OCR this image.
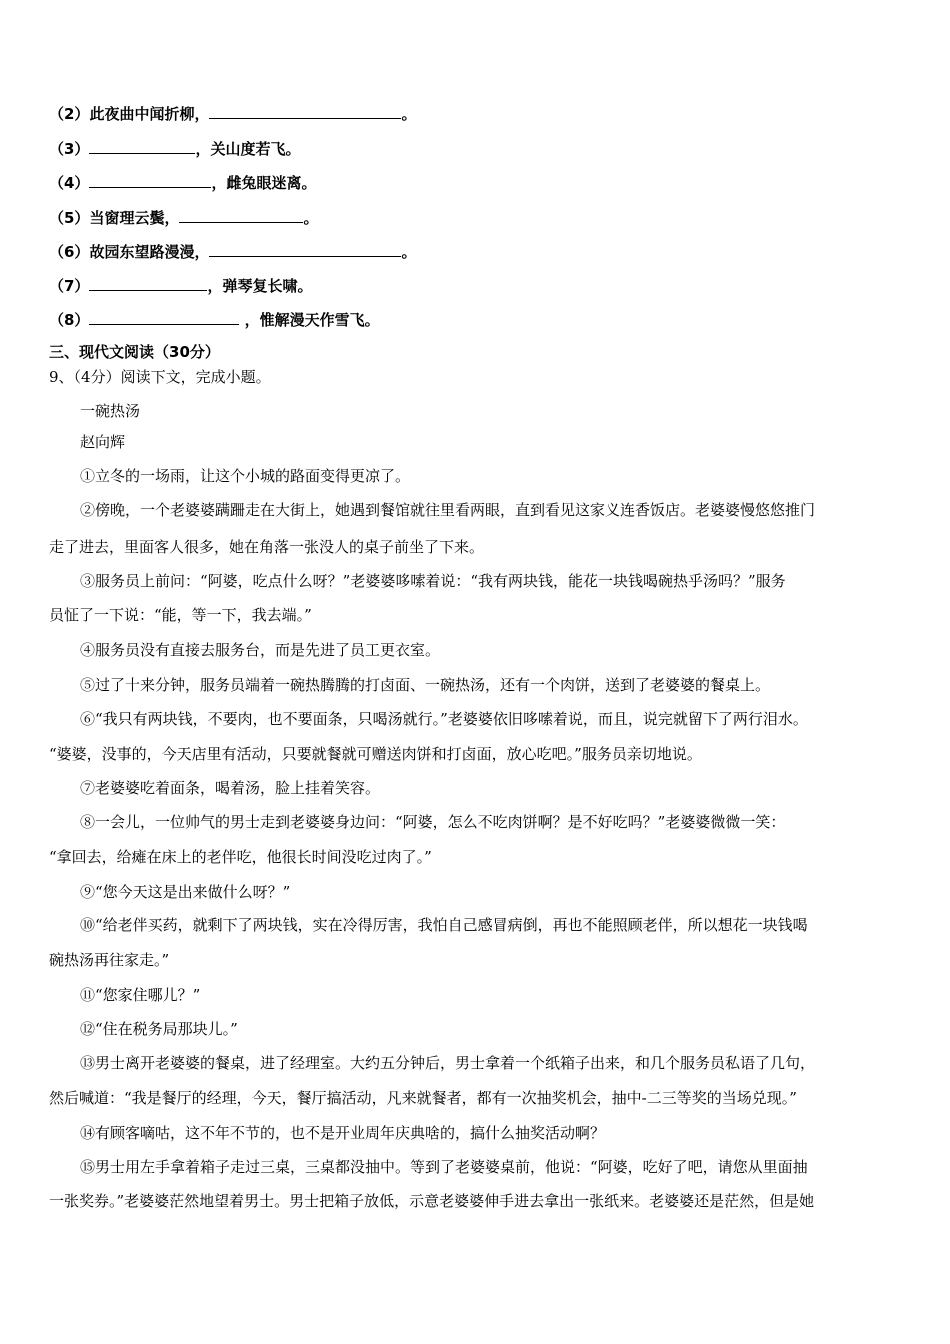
（2）此夜曲中闻折柳，	。
（3）	，关山度若飞。
（4）	，雌兔眼迷离。
（5）当窗理云鬓，	。
（6）故园东望路漫漫，	。
（7）	，弹琴复长啸。
（8）	，惟解漫天作雪飞。
三、现代文阅读（30分）
9、（4分）阅读下文，完成小题。
一碗热汤
赵向辉
①立冬的一场雨，让这个小城的路面变得更凉了。
②傍晚，一个老婆婆蹒跚走在大街上，她遇到餐馆就往里看两眼，直到看见这家义连香饭店。老婆婆慢悠悠推门
走了进去，里面客人很多，她在角落一张没人的桌子前坐了下来。
③服务员上前问：“阿婆，吃点什么呀？”老婆婆哆嗦着说：“我有两块钱，能花一块钱喝碗热乎汤吗？”服务
员怔了一下说：“能，等一下，我去端。”
④服务员没有直接去服务台，而是先进了员工更衣室。
⑤过了十来分钟，服务员端着一碗热腾腾的打卤面、一碗热汤，还有一个肉饼，送到了老婆婆的餐桌上。
⑥“我只有两块钱，不要肉，也不要面条，只喝汤就行。”老婆婆依旧哆嗦着说，而且，说完就留下了两行泪水。
“婆婆，没事的，今天店里有活动，只要就餐就可赠送肉饼和打卤面，放心吃吧。”服务员亲切地说。
⑦老婆婆吃着面条，喝着汤，脸上挂着笑容。
⑧一会儿，一位帅气的男士走到老婆婆身边问：“阿婆，怎么不吃肉饼啊？是不好吃吗？”老婆婆微微一笑：
“拿回去，给瘫在床上的老伴吃，他很长时间没吃过肉了。”
⑨“您今天这是出来做什么呀？”
⑩“给老伴买药，就剩下了两块钱，实在冷得厉害，我怕自己感冒病倒，再也不能照顾老伴，所以想花一块钱喝
碗热汤再往家走。”
⑪“您家住哪儿？”
⑫“住在税务局那块儿。”
⑬男士离开老婆婆的餐桌，进了经理室。大约五分钟后，男士拿着一个纸箱子出来，和几个服务员私语了几句，
然后喊道：“我是餐厅的经理，今天，餐厅搞活动，凡来就餐者，都有一次抽奖机会，抽中-二三等奖的当场兑现。”
⑭有顾客嘀咕，这不年不节的，也不是开业周年庆典啥的，搞什么抽奖活动啊？
⑮男士用左手拿着箱子走过三桌，三桌都没抽中。等到了老婆婆桌前，他说：“阿婆，吃好了吧，请您从里面抽
一张奖券。”老婆婆茫然地望着男士。男士把箱子放低，示意老婆婆伸手进去拿出一张纸来。老婆婆还是茫然，但是她
